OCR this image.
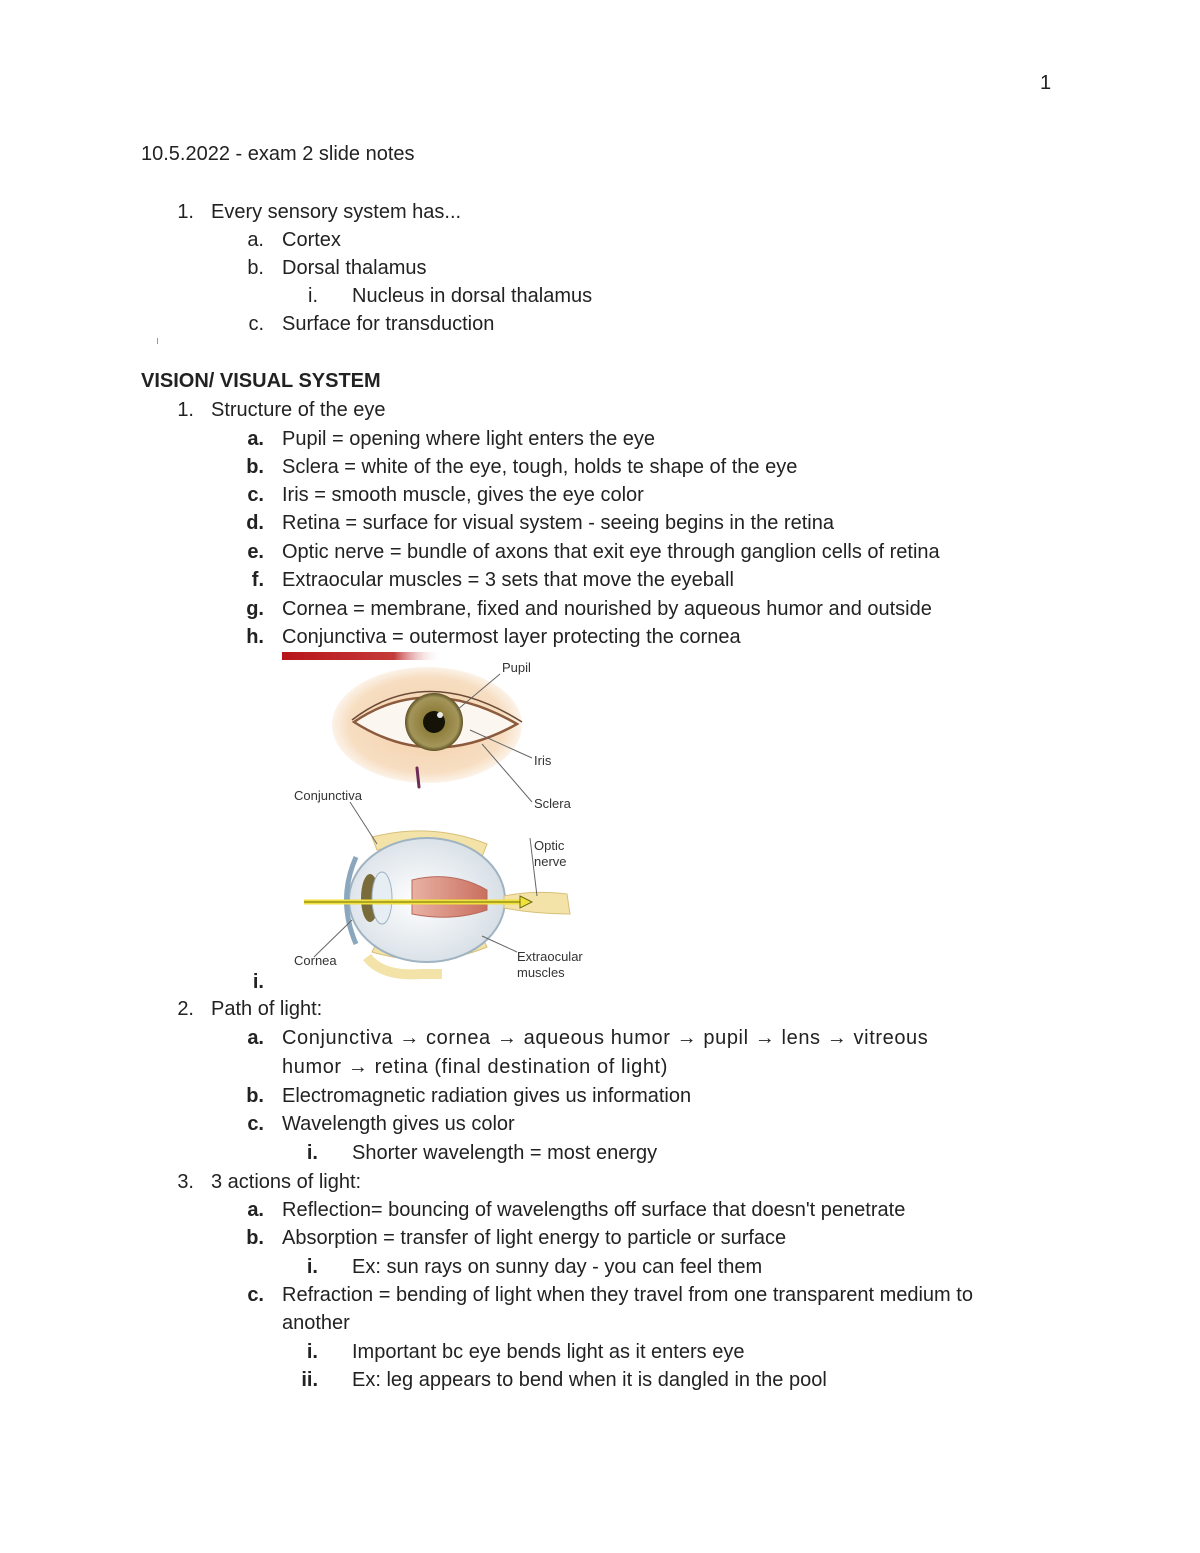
1
10.5.2022 - exam 2 slide notes
1. Every sensory system has...
a. Cortex
b. Dorsal thalamus
i. Nucleus in dorsal thalamus
c. Surface for transduction
VISION/ VISUAL SYSTEM
1. Structure of the eye
a. Pupil = opening where light enters the eye
b. Sclera = white of the eye, tough, holds te shape of the eye
c. Iris = smooth muscle, gives the eye color
d. Retina = surface for visual system - seeing begins in the retina
e. Optic nerve = bundle of axons that exit eye through ganglion cells of retina
f. Extraocular muscles = 3 sets that move the eyeball
g. Cornea = membrane, fixed and nourished by aqueous humor and outside
h. Conjunctiva = outermost layer protecting the cornea
Pupil
Iris
Conjunctiva
Sclera
Optic
nerve
Cornea	Extraocular
muscles
i.
2. Path of light:
a. Conjunctiva → cornea → aqueous humor → pupil → lens → vitreous
humor → retina (final destination of light)
b. Electromagnetic radiation gives us information
c. Wavelength gives us color
i. Shorter wavelength = most energy
3. 3 actions of light:
a. Reflection= bouncing of wavelengths off surface that doesn't penetrate
b. Absorption = transfer of light energy to particle or surface
i. Ex: sun rays on sunny day - you can feel them
c. Refraction = bending of light when they travel from one transparent medium to
another
i. Important bc eye bends light as it enters eye
ii. Ex: leg appears to bend when it is dangled in the pool
